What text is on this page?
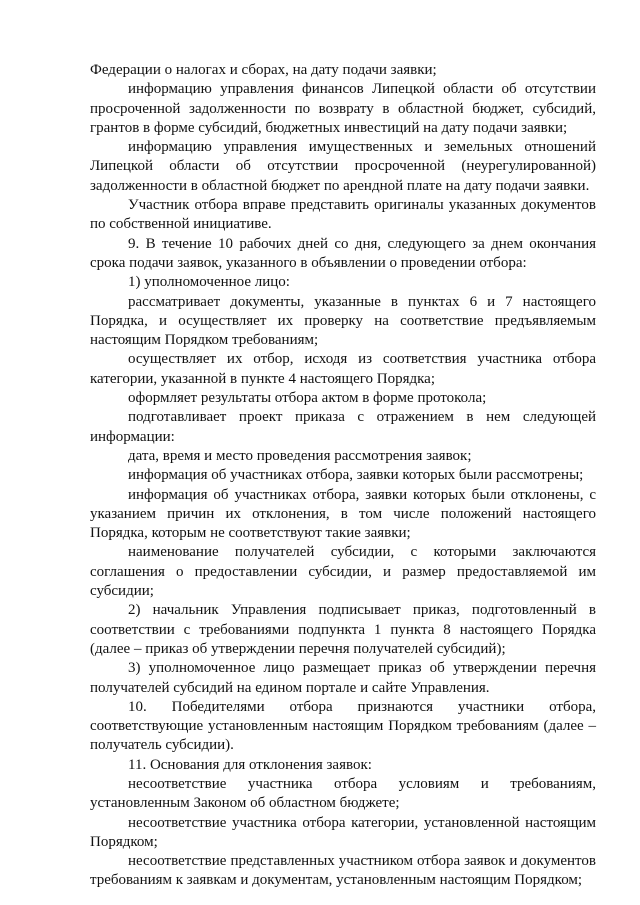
Федерации о налогах и сборах, на дату подачи заявки;

информацию управления финансов Липецкой области об отсутствии просроченной задолженности по возврату в областной бюджет, субсидий, грантов в форме субсидий, бюджетных инвестиций на дату подачи заявки;

информацию управления имущественных и земельных отношений Липецкой области об отсутствии просроченной (неурегулированной) задолженности в областной бюджет по арендной плате на дату подачи заявки.

Участник отбора вправе представить оригиналы указанных документов по собственной инициативе.

9. В течение 10 рабочих дней со дня, следующего за днем окончания срока подачи заявок, указанного в объявлении о проведении отбора:

1) уполномоченное лицо:

рассматривает документы, указанные в пунктах 6 и 7 настоящего Порядка, и осуществляет их проверку на соответствие предъявляемым настоящим Порядком требованиям;

осуществляет их отбор, исходя из соответствия участника отбора категории, указанной в пункте 4 настоящего Порядка;

оформляет результаты отбора актом в форме протокола;

подготавливает проект приказа с отражением в нем следующей информации:

дата, время и место проведения рассмотрения заявок;

информация об участниках отбора, заявки которых были рассмотрены;

информация об участниках отбора, заявки которых были отклонены, с указанием причин их отклонения, в том числе положений настоящего Порядка, которым не соответствуют такие заявки;

наименование получателей субсидии, с которыми заключаются соглашения о предоставлении субсидии, и размер предоставляемой им субсидии;

2) начальник Управления подписывает приказ, подготовленный в соответствии с требованиями подпункта 1 пункта 8 настоящего Порядка (далее – приказ об утверждении перечня получателей субсидий);

3) уполномоченное лицо размещает приказ об утверждении перечня получателей субсидий на едином портале и сайте Управления.

10. Победителями отбора признаются участники отбора, соответствующие установленным настоящим Порядком требованиям (далее – получатель субсидии).

11. Основания для отклонения заявок:

несоответствие участника отбора условиям и требованиям, установленным Законом об областном бюджете;

несоответствие участника отбора категории, установленной настоящим Порядком;

несоответствие представленных участником отбора заявок и документов требованиям к заявкам и документам, установленным настоящим Порядком;
